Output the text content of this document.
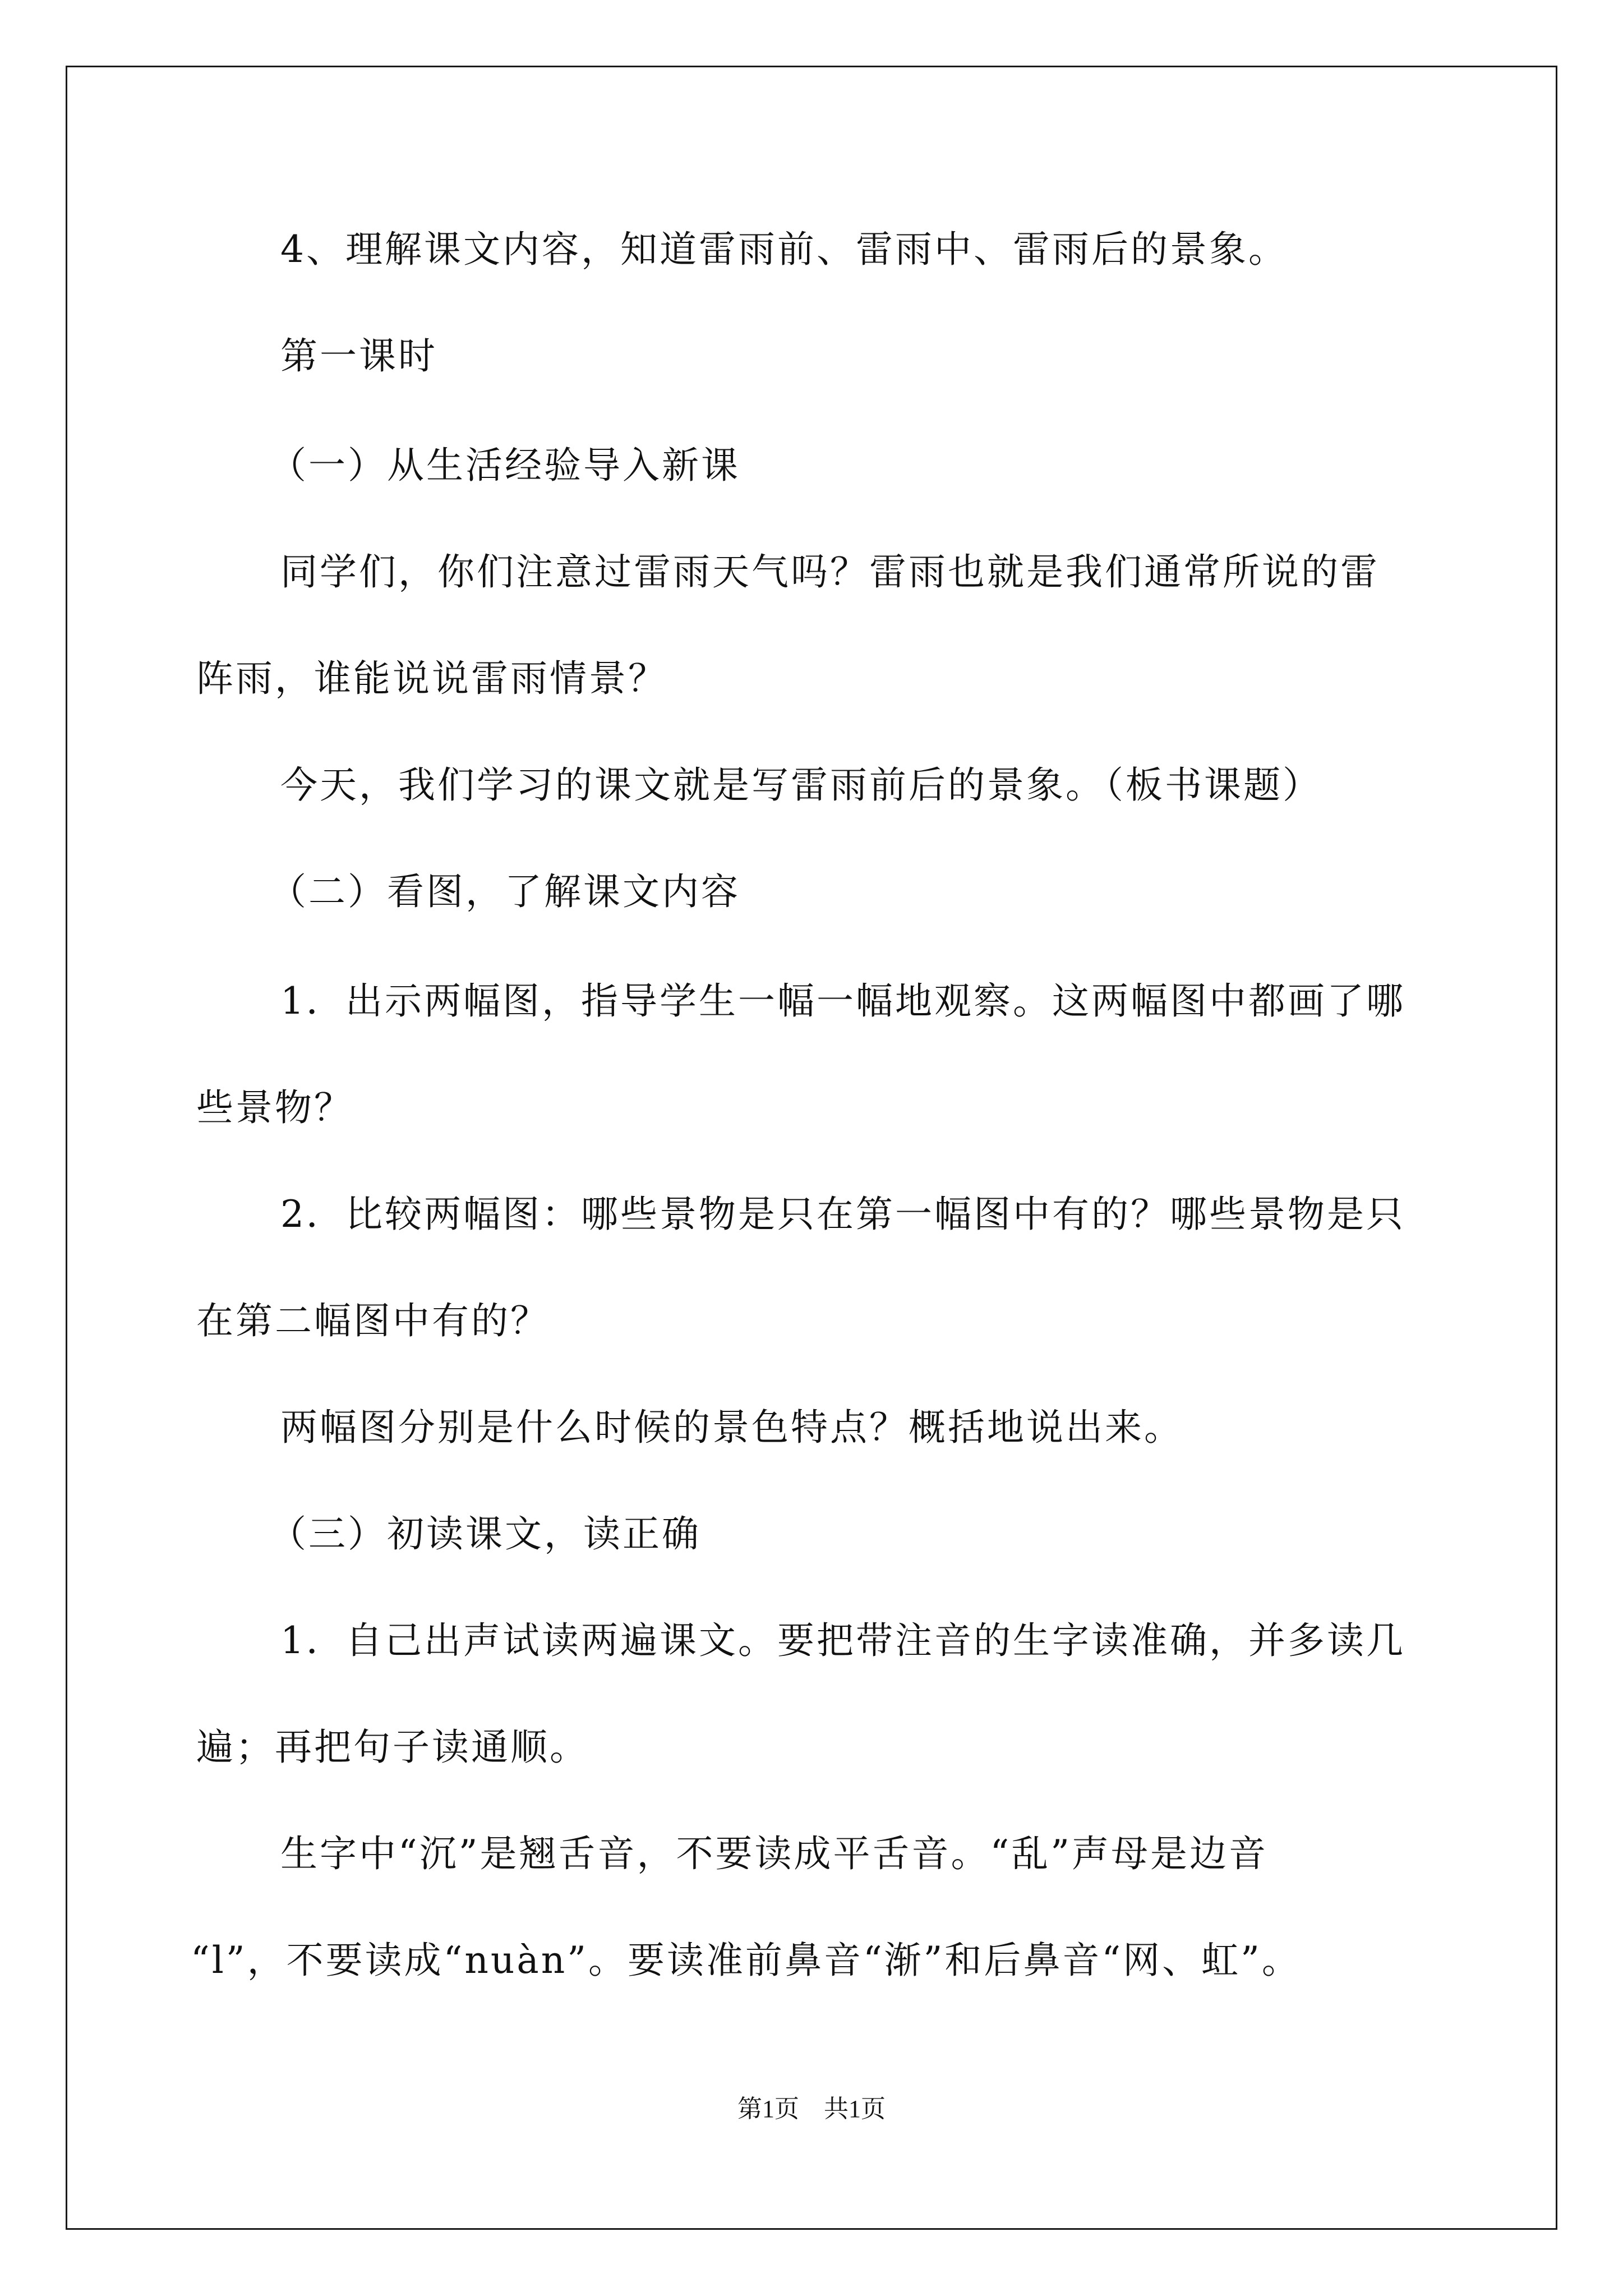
4、理解课文内容，知道雷雨前、雷雨中、雷雨后的景象。
第一课时
（一）从生活经验导入新课
同学们，你们注意过雷雨天气吗？雷雨也就是我们通常所说的雷
阵雨，谁能说说雷雨情景？
今天，我们学习的课文就是写雷雨前后的景象。（板书课题）
（二）看图，了解课文内容
1．出示两幅图，指导学生一幅一幅地观察。这两幅图中都画了哪
些景物？
2．比较两幅图：哪些景物是只在第一幅图中有的？哪些景物是只
在第二幅图中有的？
两幅图分别是什么时候的景色特点？概括地说出来。
（三）初读课文，读正确
1．自己出声试读两遍课文。要把带注音的生字读准确，并多读几
遍；再把句子读通顺。
生字中“沉”是翘舌音，不要读成平舌音。“乱”声母是边音
“l”，不要读成“nuàn”。要读准前鼻音“渐”和后鼻音“网、虹”。
第1页　共1页
